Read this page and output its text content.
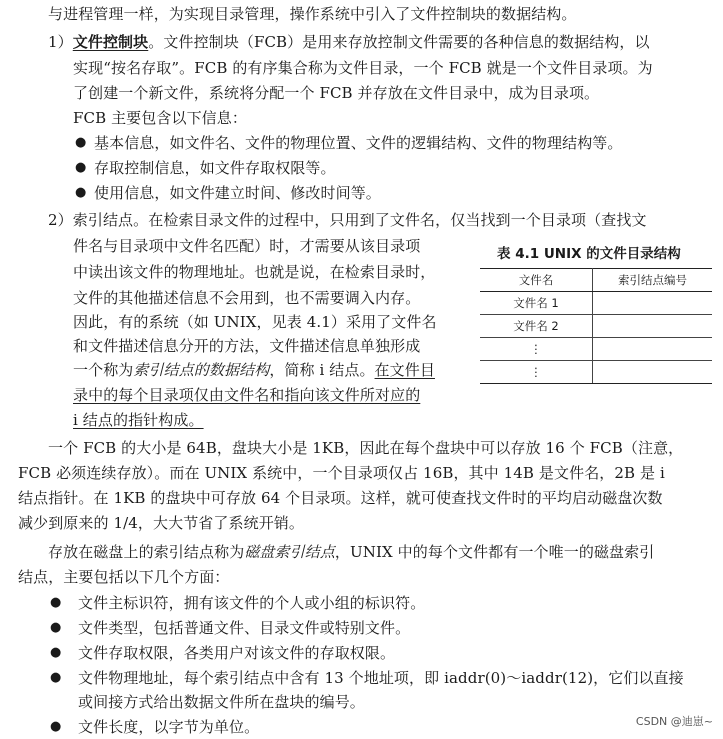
与进程管理一样，为实现目录管理，操作系统中引入了文件控制块的数据结构。
1）文件控制块。文件控制块（FCB）是用来存放控制文件需要的各种信息的数据结构，以
实现“按名存取”。FCB 的有序集合称为文件目录，一个 FCB 就是一个文件目录项。为
了创建一个新文件，系统将分配一个 FCB 并存放在文件目录中，成为目录项。
FCB 主要包含以下信息：
● 基本信息，如文件名、文件的物理位置、文件的逻辑结构、文件的物理结构等。
● 存取控制信息，如文件存取权限等。
● 使用信息，如文件建立时间、修改时间等。
2）索引结点。在检索目录文件的过程中，只用到了文件名，仅当找到一个目录项（查找文
件名与目录项中文件名匹配）时，才需要从该目录项
中读出该文件的物理地址。也就是说，在检索目录时，
文件的其他描述信息不会用到，也不需要调入内存。
因此，有的系统（如 UNIX，见表 4.1）采用了文件名
和文件描述信息分开的方法，文件描述信息单独形成
一个称为索引结点的数据结构，简称 i 结点。在文件目
录中的每个目录项仅由文件名和指向该文件所对应的
i 结点的指针构成。
表 4.1 UNIX 的文件目录结构
文件名	索引结点编号
文件名 1	
文件名 2	
⋮	
⋮	
一个 FCB 的大小是 64B，盘块大小是 1KB，因此在每个盘块中可以存放 16 个 FCB（注意，
FCB 必须连续存放）。而在 UNIX 系统中，一个目录项仅占 16B，其中 14B 是文件名，2B 是 i
结点指针。在 1KB 的盘块中可存放 64 个目录项。这样，就可使查找文件时的平均启动磁盘次数
减少到原来的 1/4，大大节省了系统开销。
存放在磁盘上的索引结点称为磁盘索引结点，UNIX 中的每个文件都有一个唯一的磁盘索引
结点，主要包括以下几个方面：
● 文件主标识符，拥有该文件的个人或小组的标识符。
● 文件类型，包括普通文件、目录文件或特别文件。
● 文件存取权限，各类用户对该文件的存取权限。
● 文件物理地址，每个索引结点中含有 13 个地址项，即 iaddr(0)～iaddr(12)，它们以直接
或间接方式给出数据文件所在盘块的编号。
● 文件长度，以字节为单位。	CSDN @迪崽~
